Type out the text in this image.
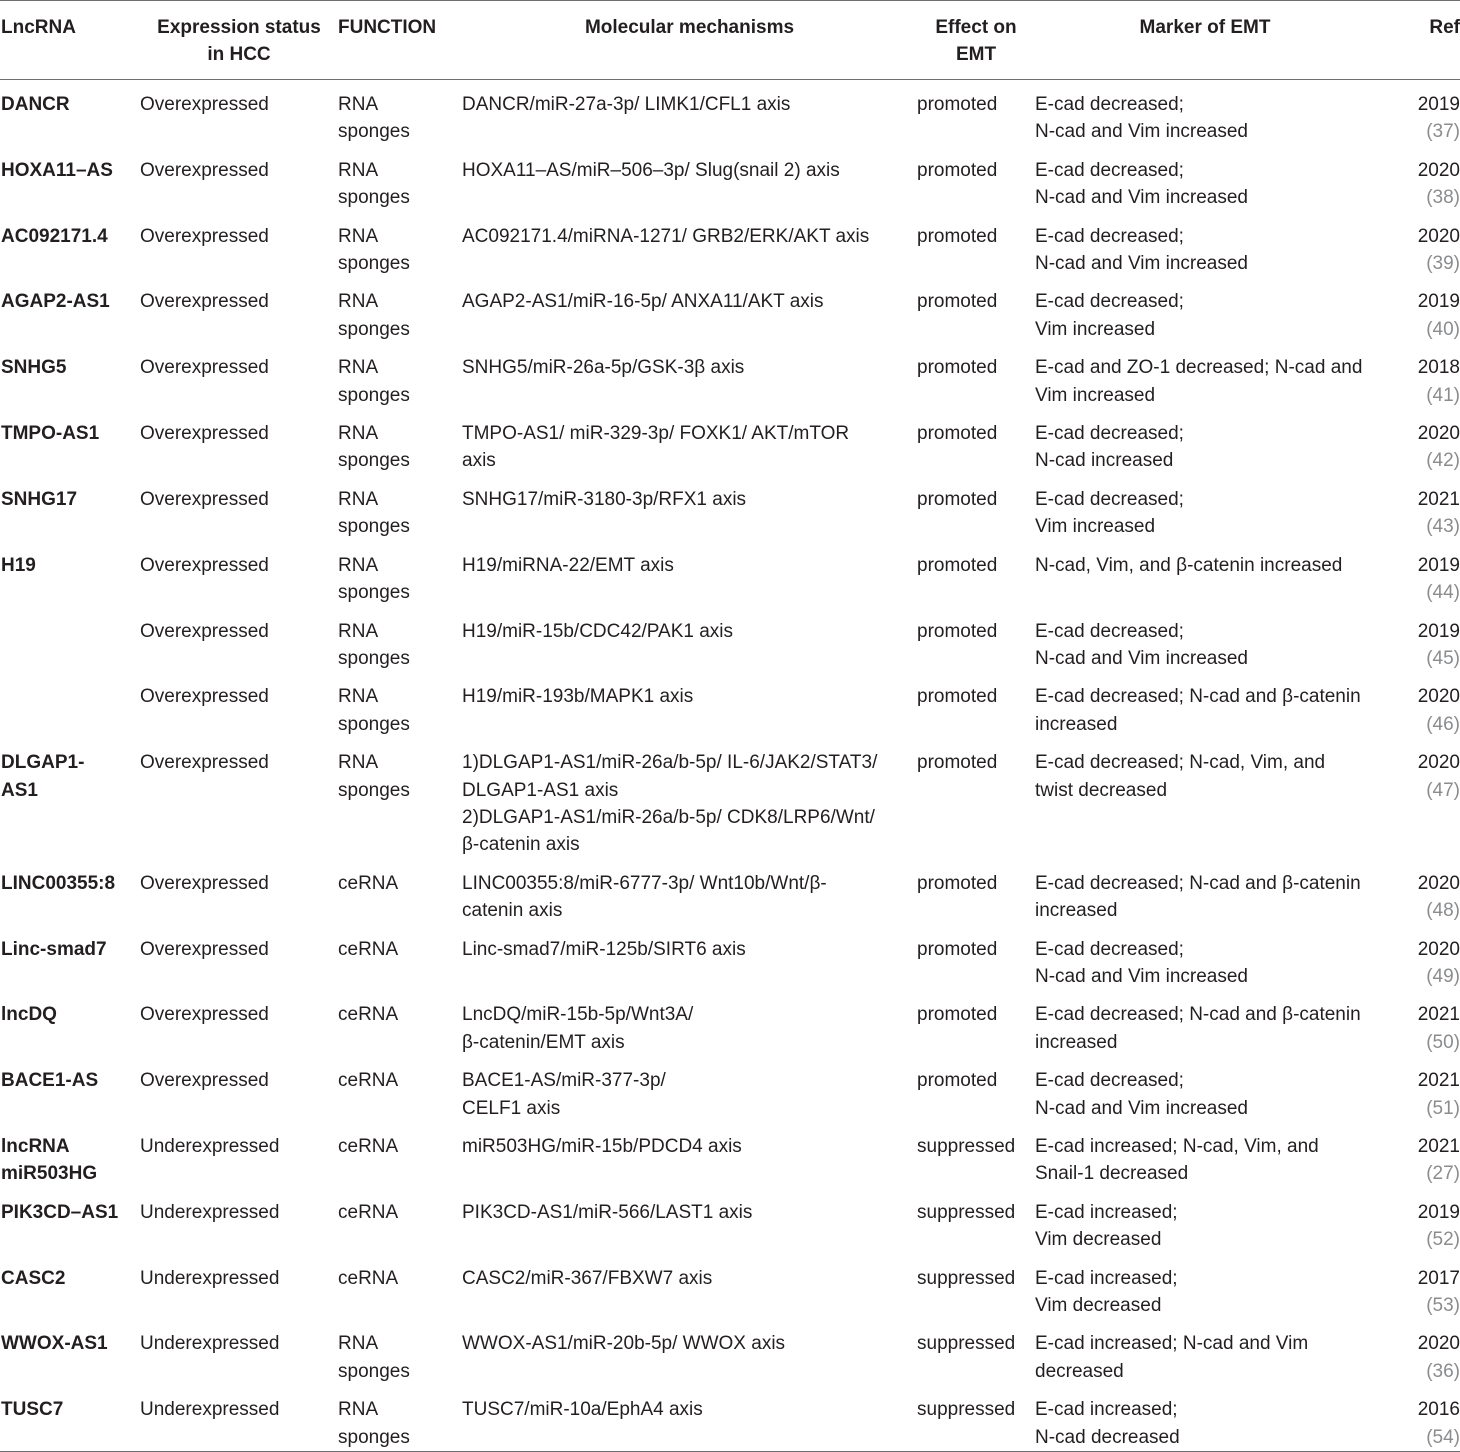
LncRNA	Expression status
in HCC	FUNCTION	Molecular mechanisms	Effect on
EMT	Marker of EMT	Ref
DANCR	Overexpressed	RNA
sponges	DANCR/miR-27a-3p/ LIMK1/CFL1 axis	promoted	E-cad decreased;
N-cad and Vim increased	2019
(37)

HOXA11–AS	Overexpressed	RNA
sponges	HOXA11–AS/miR–506–3p/ Slug(snail 2) axis	promoted	E-cad decreased;
N-cad and Vim increased	2020
(38)

AC092171.4	Overexpressed	RNA
sponges	AC092171.4/miRNA-1271/ GRB2/ERK/AKT axis	promoted	E-cad decreased;
N-cad and Vim increased	2020
(39)

AGAP2-AS1	Overexpressed	RNA
sponges	AGAP2-AS1/miR-16-5p/ ANXA11/AKT axis	promoted	E-cad decreased;
Vim increased	2019
(40)

SNHG5	Overexpressed	RNA
sponges	SNHG5/miR-26a-5p/GSK-3β axis	promoted	E-cad and ZO-1 decreased; N-cad and
Vim increased	2018
(41)

TMPO-AS1	Overexpressed	RNA
sponges	TMPO-AS1/ miR-329-3p/ FOXK1/ AKT/mTOR
axis	promoted	E-cad decreased;
N-cad increased	2020
(42)

SNHG17	Overexpressed	RNA
sponges	SNHG17/miR-3180-3p/RFX1 axis	promoted	E-cad decreased;
Vim increased	2021
(43)

H19	Overexpressed	RNA
sponges	H19/miRNA-22/EMT axis	promoted	N-cad, Vim, and β-catenin increased	2019
(44)

	Overexpressed	RNA
sponges	H19/miR-15b/CDC42/PAK1 axis	promoted	E-cad decreased;
N-cad and Vim increased	2019
(45)

	Overexpressed	RNA
sponges	H19/miR-193b/MAPK1 axis	promoted	E-cad decreased; N-cad and β-catenin
increased	2020
(46)

DLGAP1-
AS1	Overexpressed	RNA
sponges	1)DLGAP1-AS1/miR-26a/b-5p/ IL-6/JAK2/STAT3/
DLGAP1-AS1 axis
2)DLGAP1-AS1/miR-26a/b-5p/ CDK8/LRP6/Wnt/
β-catenin axis	promoted	E-cad decreased; N-cad, Vim, and
twist decreased	2020
(47)

LINC00355:8	Overexpressed	ceRNA	LINC00355:8/miR-6777-3p/ Wnt10b/Wnt/β-
catenin axis	promoted	E-cad decreased; N-cad and β-catenin
increased	2020
(48)

Linc-smad7	Overexpressed	ceRNA	Linc-smad7/miR-125b/SIRT6 axis	promoted	E-cad decreased;
N-cad and Vim increased	2020
(49)

lncDQ	Overexpressed	ceRNA	LncDQ/miR-15b-5p/Wnt3A/
β-catenin/EMT axis	promoted	E-cad decreased; N-cad and β-catenin
increased	2021
(50)

BACE1-AS	Overexpressed	ceRNA	BACE1-AS/miR-377-3p/
CELF1 axis	promoted	E-cad decreased;
N-cad and Vim increased	2021
(51)

lncRNA
miR503HG	Underexpressed	ceRNA	miR503HG/miR-15b/PDCD4 axis	suppressed	E-cad increased; N-cad, Vim, and
Snail-1 decreased	2021
(27)

PIK3CD–AS1	Underexpressed	ceRNA	PIK3CD-AS1/miR-566/LAST1 axis	suppressed	E-cad increased;
Vim decreased	2019
(52)

CASC2	Underexpressed	ceRNA	CASC2/miR-367/FBXW7 axis	suppressed	E-cad increased;
Vim decreased	2017
(53)

WWOX-AS1	Underexpressed	RNA
sponges	WWOX-AS1/miR-20b-5p/ WWOX axis	suppressed	E-cad increased; N-cad and Vim
decreased	2020
(36)

TUSC7	Underexpressed	RNA
sponges	TUSC7/miR-10a/EphA4 axis	suppressed	E-cad increased;
N-cad decreased	2016
(54)
